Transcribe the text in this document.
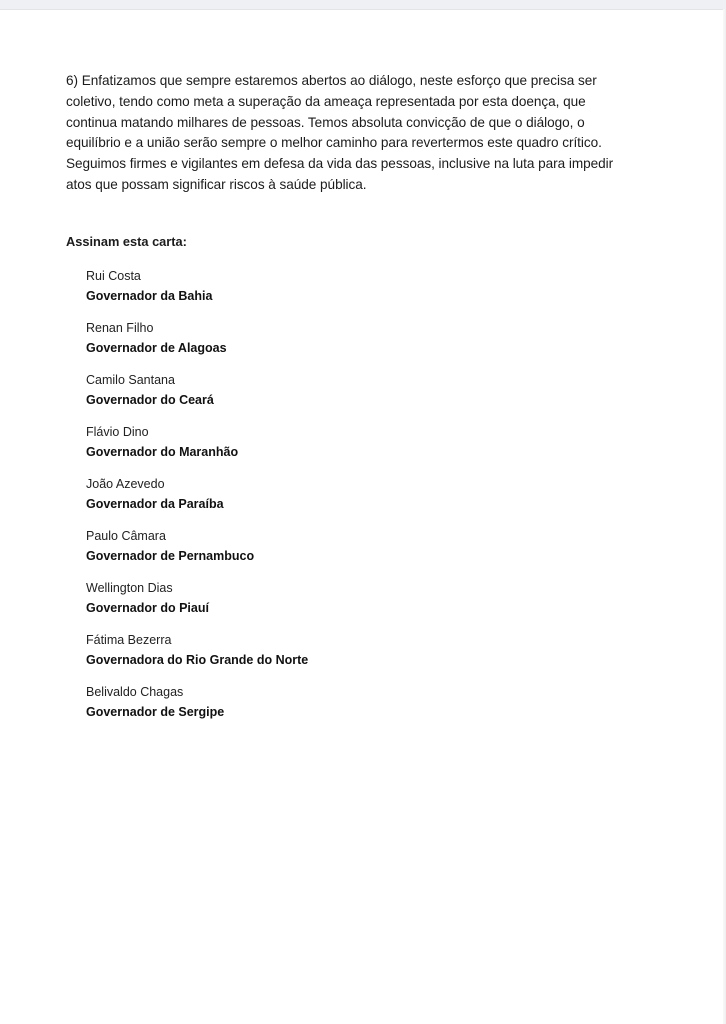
6) Enfatizamos que sempre estaremos abertos ao diálogo, neste esforço que precisa ser
coletivo, tendo como meta a superação da ameaça representada por esta doença, que
continua matando milhares de pessoas. Temos absoluta convicção de que o diálogo, o
equilíbrio e a união serão sempre o melhor caminho para revertermos este quadro crítico.
Seguimos firmes e vigilantes em defesa da vida das pessoas, inclusive na luta para impedir
atos que possam significar riscos à saúde pública.

Assinam esta carta:

Rui Costa
Governador da Bahia
Renan Filho
Governador de Alagoas
Camilo Santana
Governador do Ceará
Flávio Dino
Governador do Maranhão
João Azevedo
Governador da Paraíba
Paulo Câmara
Governador de Pernambuco
Wellington Dias
Governador do Piauí
Fátima Bezerra
Governadora do Rio Grande do Norte
Belivaldo Chagas
Governador de Sergipe
